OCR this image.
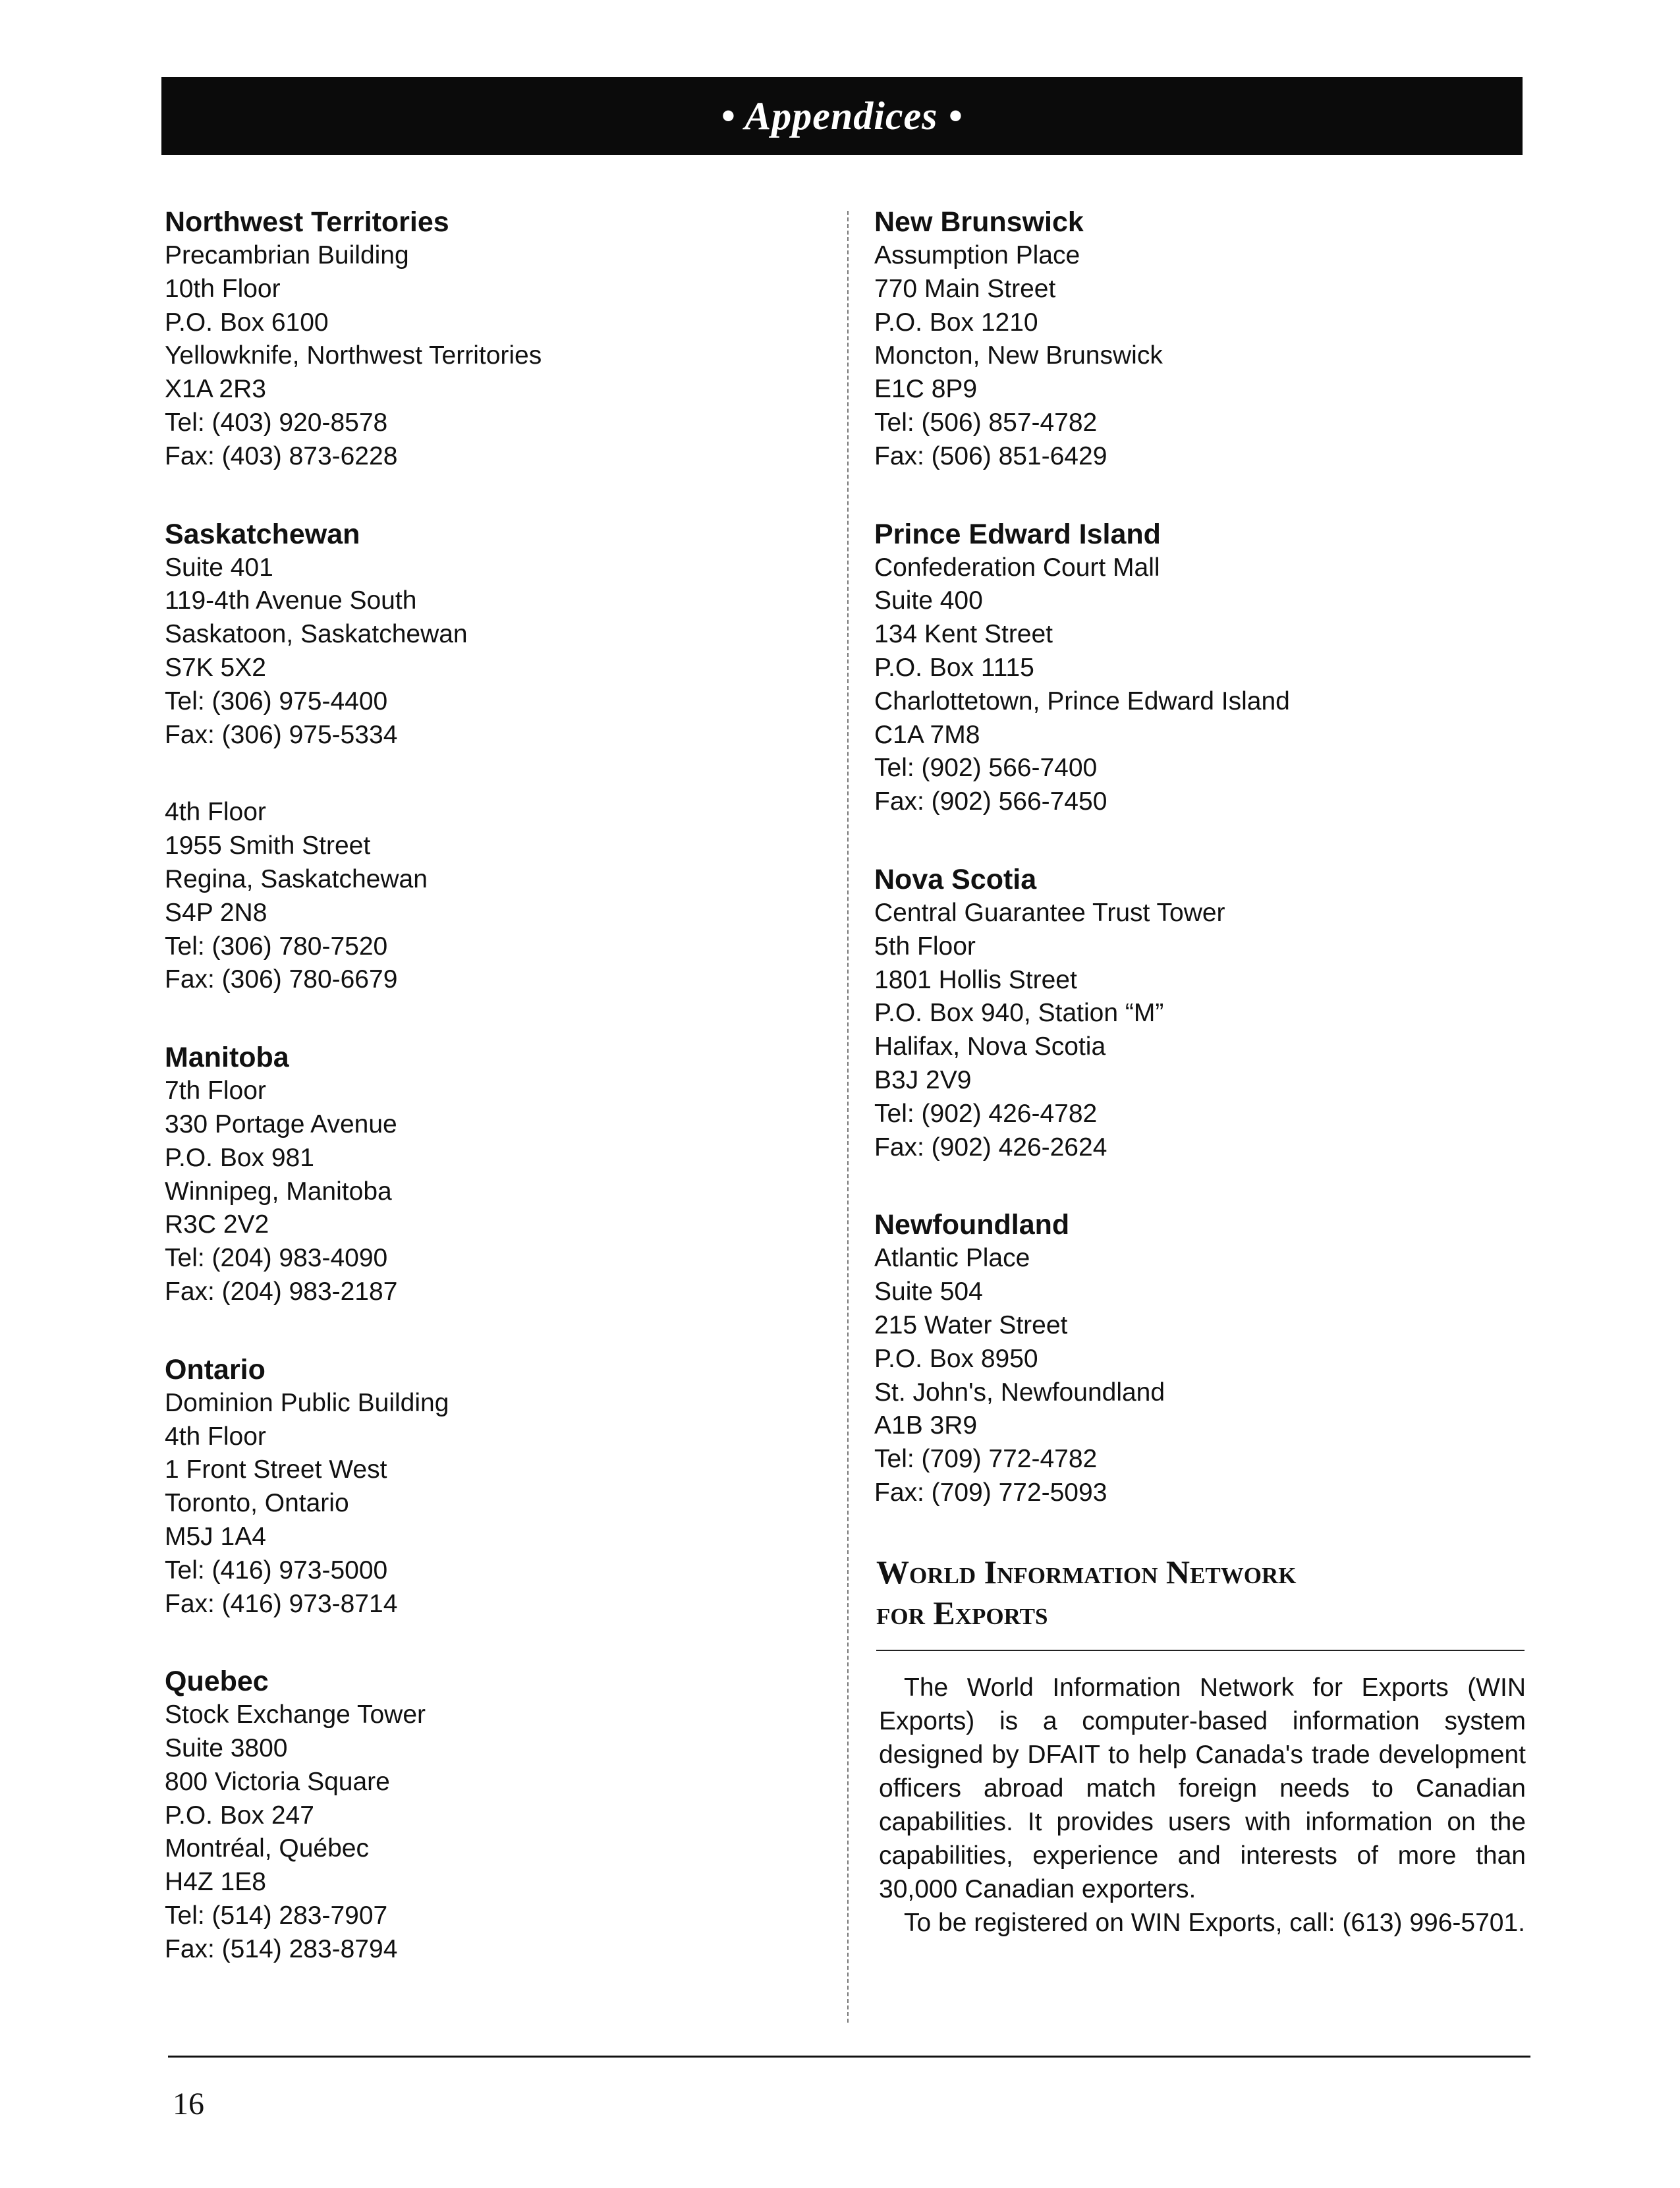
• Appendices •
Northwest Territories
Precambrian Building
10th Floor
P.O. Box 6100
Yellowknife, Northwest Territories
X1A 2R3
Tel: (403) 920-8578
Fax: (403) 873-6228
Saskatchewan
Suite 401
119-4th Avenue South
Saskatoon, Saskatchewan
S7K 5X2
Tel: (306) 975-4400
Fax: (306) 975-5334
4th Floor
1955 Smith Street
Regina, Saskatchewan
S4P 2N8
Tel: (306) 780-7520
Fax: (306) 780-6679
Manitoba
7th Floor
330 Portage Avenue
P.O. Box 981
Winnipeg, Manitoba
R3C 2V2
Tel: (204) 983-4090
Fax: (204) 983-2187
Ontario
Dominion Public Building
4th Floor
1 Front Street West
Toronto, Ontario
M5J 1A4
Tel: (416) 973-5000
Fax: (416) 973-8714
Quebec
Stock Exchange Tower
Suite 3800
800 Victoria Square
P.O. Box 247
Montréal, Québec
H4Z 1E8
Tel: (514) 283-7907
Fax: (514) 283-8794
New Brunswick
Assumption Place
770 Main Street
P.O. Box 1210
Moncton, New Brunswick
E1C 8P9
Tel: (506) 857-4782
Fax: (506) 851-6429
Prince Edward Island
Confederation Court Mall
Suite 400
134 Kent Street
P.O. Box 1115
Charlottetown, Prince Edward Island
C1A 7M8
Tel: (902) 566-7400
Fax: (902) 566-7450
Nova Scotia
Central Guarantee Trust Tower
5th Floor
1801 Hollis Street
P.O. Box 940, Station “M”
Halifax, Nova Scotia
B3J 2V9
Tel: (902) 426-4782
Fax: (902) 426-2624
Newfoundland
Atlantic Place
Suite 504
215 Water Street
P.O. Box 8950
St. John's, Newfoundland
A1B 3R9
Tel: (709) 772-4782
Fax: (709) 772-5093
World Information Network
for Exports

The World Information Network for Exports (WIN Exports) is a computer-based information system designed by DFAIT to help Canada's trade development officers abroad match foreign needs to Canadian capabilities. It provides users with information on the capabilities, experience and interests of more than 30,000 Canadian exporters.

To be registered on WIN Exports, call: (613) 996-5701.

16
